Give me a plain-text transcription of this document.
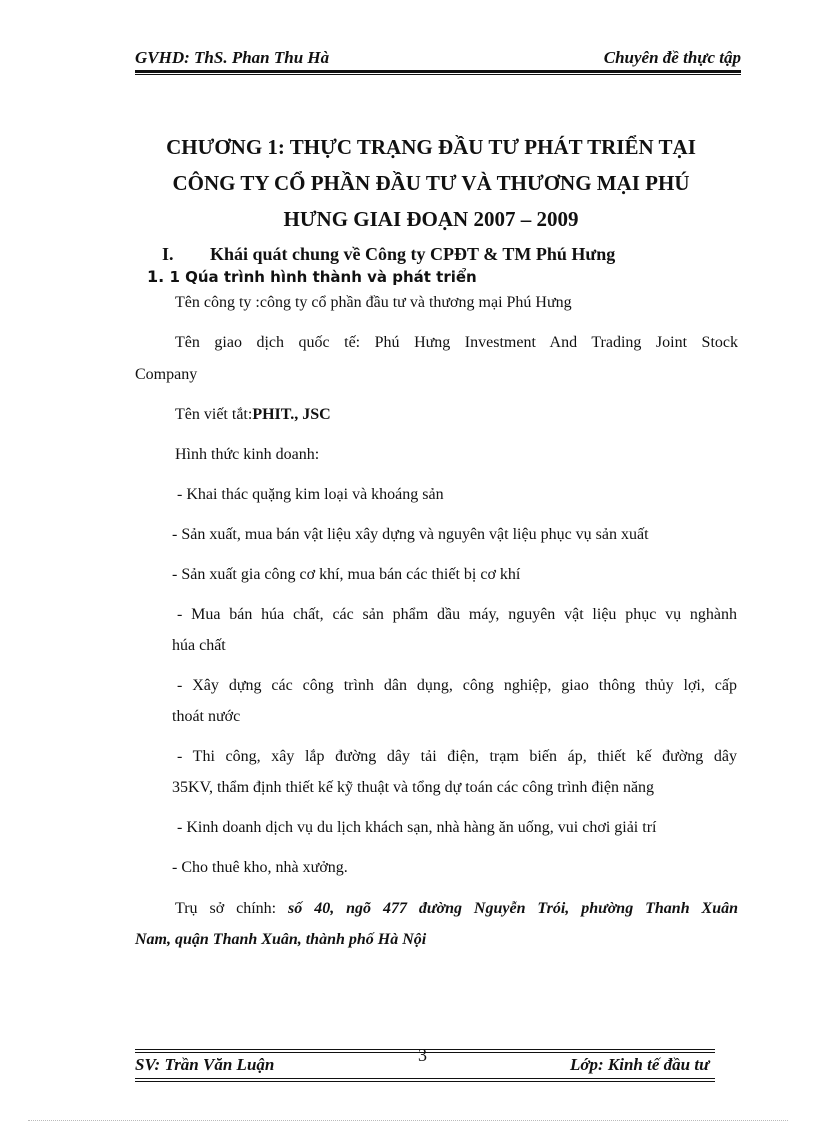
GVHD: ThS. Phan Thu Hà	Chuyên đề thực tập
CHƯƠNG 1: THỰC TRẠNG ĐẦU TƯ PHÁT TRIỂN TẠI
CÔNG TY CỔ PHẦN ĐẦU TƯ VÀ THƯƠNG MẠI PHÚ
HƯNG GIAI ĐOẠN 2007 – 2009
I. Khái quát chung về Công ty CPĐT & TM Phú Hưng
1. 1 Qúa trình hình thành và phát triển
Tên công ty :công ty cổ phần đầu tư và thương mại Phú Hưng
Tên giao dịch quốc tế: Phú Hưng Investment And Trading Joint Stock
Company
Tên viết tắt:PHIT., JSC
Hình thức kinh doanh:
- Khai thác quặng kim loại và khoáng sản
- Sản xuất, mua bán vật liệu xây dựng và nguyên vật liệu phục vụ sản xuất
- Sản xuất gia công cơ khí, mua bán các thiết bị cơ khí
- Mua bán húa chất, các sản phẩm dầu máy, nguyên vật liệu phục vụ nghành
húa chất
- Xây dựng các công trình dân dụng, công nghiệp, giao thông thủy lợi, cấp
thoát nước
- Thi công, xây lắp đường dây tải điện, trạm biến áp, thiết kế đường dây
35KV, thẩm định thiết kế kỹ thuật và tổng dự toán các công trình điện năng
- Kinh doanh dịch vụ du lịch khách sạn, nhà hàng ăn uống, vui chơi giải trí
- Cho thuê kho, nhà xưởng.
Trụ sở chính: số 40, ngõ 477 đường Nguyễn Trói, phường Thanh Xuân
Nam, quận Thanh Xuân, thành phố Hà Nội
3
SV: Trần Văn Luận	Lớp: Kinh tế đầu tư
